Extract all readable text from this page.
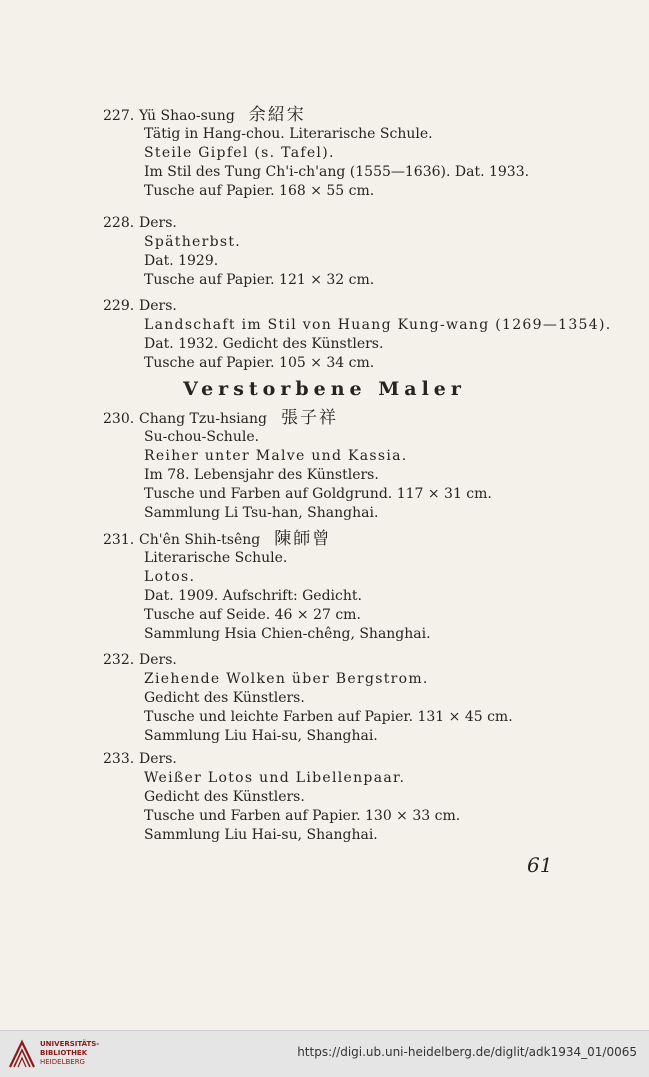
227. Yü Shao-sung 余紹宋
Tätig in Hang-chou. Literarische Schule.
Steile Gipfel (s. Tafel).
Im Stil des Tung Ch'i-ch'ang (1555—1636). Dat. 1933.
Tusche auf Papier. 168 × 55 cm.
228. Ders.
Spätherbst.
Dat. 1929.
Tusche auf Papier. 121 × 32 cm.
229. Ders.
Landschaft im Stil von Huang Kung-wang (1269—1354).
Dat. 1932. Gedicht des Künstlers.
Tusche auf Papier. 105 × 34 cm.
Verstorbene Maler
230. Chang Tzu-hsiang 張子祥
Su-chou-Schule.
Reiher unter Malve und Kassia.
Im 78. Lebensjahr des Künstlers.
Tusche und Farben auf Goldgrund. 117 × 31 cm.
Sammlung Li Tsu-han, Shanghai.
231. Ch'ên Shih-tsêng 陳師曾
Literarische Schule.
Lotos.
Dat. 1909. Aufschrift: Gedicht.
Tusche auf Seide. 46 × 27 cm.
Sammlung Hsia Chien-chêng, Shanghai.
232. Ders.
Ziehende Wolken über Bergstrom.
Gedicht des Künstlers.
Tusche und leichte Farben auf Papier. 131 × 45 cm.
Sammlung Liu Hai-su, Shanghai.
233. Ders.
Weißer Lotos und Libellenpaar.
Gedicht des Künstlers.
Tusche und Farben auf Papier. 130 × 33 cm.
Sammlung Liu Hai-su, Shanghai.
61
UNIVERSITÄTS-
BIBLIOTHEK
HEIDELBERG
https://digi.ub.uni-heidelberg.de/diglit/adk1934_01/0065
